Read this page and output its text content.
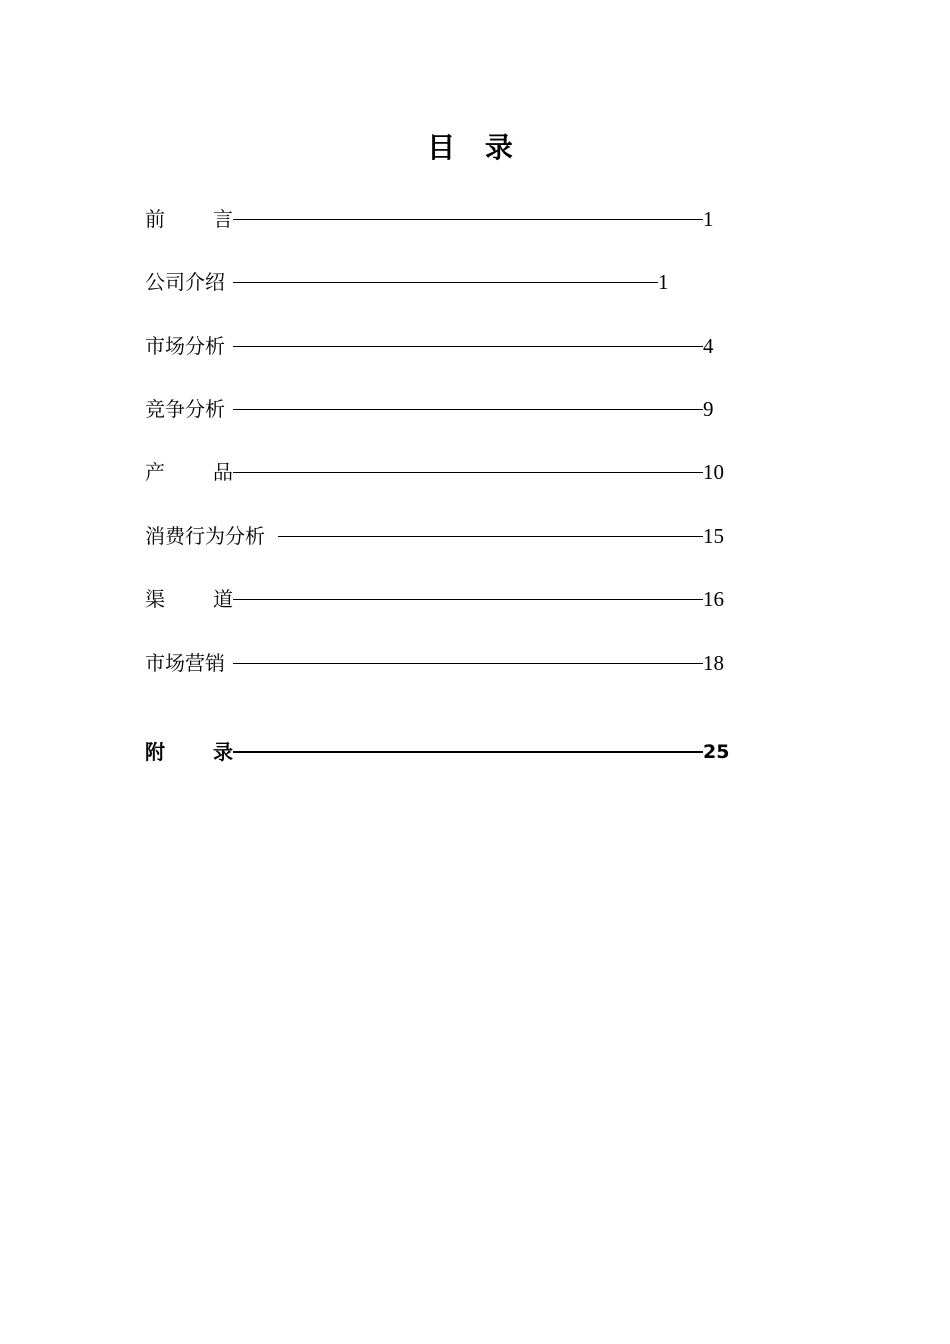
目 录
前 言	1
公司介绍	1
市场分析	4
竞争分析	9
产 品	10
消费行为分析	15
渠 道	16
市场营销	18
附 录	25
